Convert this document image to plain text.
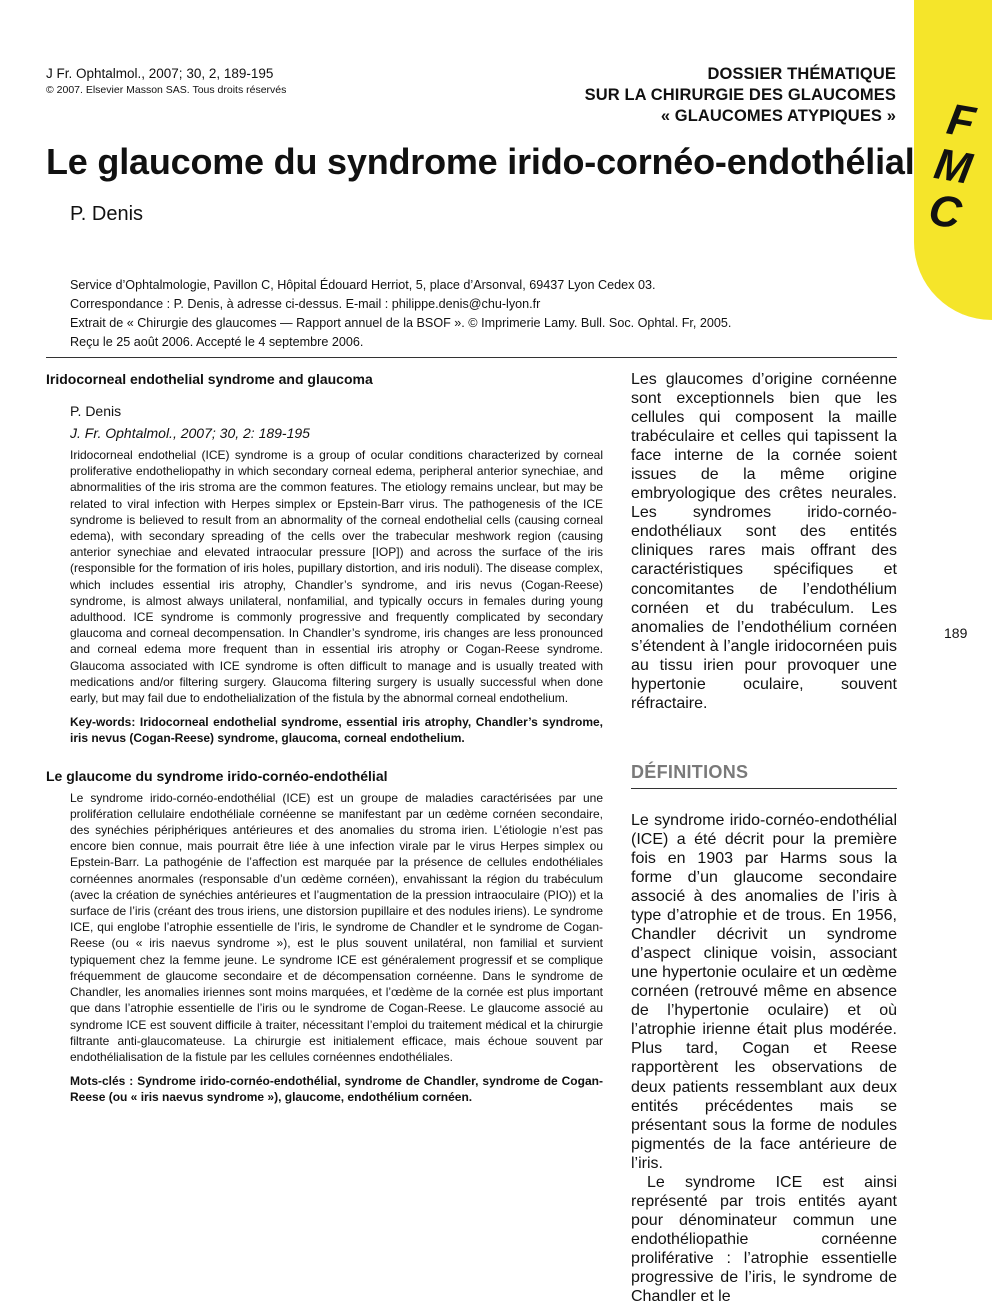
J Fr. Ophtalmol., 2007; 30, 2, 189-195
© 2007. Elsevier Masson SAS. Tous droits réservés
DOSSIER THÉMATIQUE
SUR LA CHIRURGIE DES GLAUCOMES
« GLAUCOMES ATYPIQUES » F
M
C
Le glaucome du syndrome irido-cornéo-endothélial
P. Denis
Service d’Ophtalmologie, Pavillon C, Hôpital Édouard Herriot, 5, place d’Arsonval, 69437 Lyon Cedex 03.
Correspondance : P. Denis, à adresse ci-dessus. E-mail : philippe.denis@chu-lyon.fr
Extrait de « Chirurgie des glaucomes — Rapport annuel de la BSOF ». © Imprimerie Lamy. Bull. Soc. Ophtal. Fr, 2005.
Reçu le 25 août 2006. Accepté le 4 septembre 2006.
Iridocorneal endothelial syndrome and glaucoma
P. Denis
J. Fr. Ophtalmol., 2007; 30, 2: 189-195
Iridocorneal endothelial (ICE) syndrome is a group of ocular conditions characterized by corneal proliferative endotheliopathy in which secondary corneal edema, peripheral anterior synechiae, and abnormalities of the iris stroma are the common features. The etiology remains unclear, but may be related to viral infection with Herpes simplex or Epstein-Barr virus. The pathogenesis of the ICE syndrome is believed to result from an abnormality of the corneal endothelial cells (causing corneal edema), with secondary spreading of the cells over the trabecular meshwork region (causing anterior synechiae and elevated intraocular pressure [IOP]) and across the surface of the iris (responsible for the formation of iris holes, pupillary distortion, and iris noduli). The disease complex, which includes essential iris atrophy, Chandler’s syndrome, and iris nevus (Cogan-Reese) syndrome, is almost always unilateral, nonfamilial, and typically occurs in females during young adulthood. ICE syndrome is commonly progressive and frequently complicated by secondary glaucoma and corneal decompensation. In Chandler’s syndrome, iris changes are less pronounced and corneal edema more frequent than in essential iris atrophy or Cogan-Reese syndrome. Glaucoma associated with ICE syndrome is often difficult to manage and is usually treated with medications and/or filtering surgery. Glaucoma filtering surgery is usually successful when done early, but may fail due to endothelialization of the fistula by the abnormal corneal endothelium.
Key-words: Iridocorneal endothelial syndrome, essential iris atrophy, Chandler’s syndrome, iris nevus (Cogan-Reese) syndrome, glaucoma, corneal endothelium.
Le glaucome du syndrome irido-cornéo-endothélial
Le syndrome irido-cornéo-endothélial (ICE) est un groupe de maladies caractérisées par une prolifération cellulaire endothéliale cornéenne se manifestant par un œdème cornéen secondaire, des synéchies périphériques antérieures et des anomalies du stroma irien. L’étiologie n’est pas encore bien connue, mais pourrait être liée à une infection virale par le virus Herpes simplex ou Epstein-Barr. La pathogénie de l’affection est marquée par la présence de cellules endothéliales cornéennes anormales (responsable d’un œdème cornéen), envahissant la région du trabéculum (avec la création de synéchies antérieures et l’augmentation de la pression intraoculaire (PIO)) et la surface de l’iris (créant des trous iriens, une distorsion pupillaire et des nodules iriens). Le syndrome ICE, qui englobe l’atrophie essentielle de l’iris, le syndrome de Chandler et le syndrome de Cogan-Reese (ou « iris naevus syndrome »), est le plus souvent unilatéral, non familial et survient typiquement chez la femme jeune. Le syndrome ICE est généralement progressif et se complique fréquemment de glaucome secondaire et de décompensation cornéenne. Dans le syndrome de Chandler, les anomalies iriennes sont moins marquées, et l’œdème de la cornée est plus important que dans l’atrophie essentielle de l’iris ou le syndrome de Cogan-Reese. Le glaucome associé au syndrome ICE est souvent difficile à traiter, nécessitant l’emploi du traitement médical et la chirurgie filtrante anti-glaucomateuse. La chirurgie est initialement efficace, mais échoue souvent par endothélialisation de la fistule par les cellules cornéennes endothéliales.
Mots-clés : Syndrome irido-cornéo-endothélial, syndrome de Chandler, syndrome de Cogan-Reese (ou « iris naevus syndrome »), glaucome, endothélium cornéen.

Les glaucomes d’origine cornéenne sont exceptionnels bien que les cellules qui composent la maille trabéculaire et celles qui tapissent la face interne de la cornée soient issues de la même origine embryologique des crêtes neurales. Les syndromes irido-cornéo-endothéliaux sont des entités cliniques rares mais offrant des caractéristiques spécifiques et concomitantes de l’endothélium cornéen et du trabéculum. Les anomalies de l’endothélium cornéen s’étendent à l’angle iridocornéen puis au tissu irien pour provoquer une hypertonie oculaire, souvent réfractaire.

DÉFINITIONS

Le syndrome irido-cornéo-endothélial (ICE) a été décrit pour la première fois en 1903 par Harms sous la forme d’un glaucome secondaire associé à des anomalies de l’iris à type d’atrophie et de trous. En 1956, Chandler décrivit un syndrome d’aspect clinique voisin, associant une hypertonie oculaire et un œdème cornéen (retrouvé même en absence de l’hypertonie oculaire) et où l’atrophie irienne était plus modérée. Plus tard, Cogan et Reese rapportèrent les observations de deux patients ressemblant aux deux entités précédentes mais se présentant sous la forme de nodules pigmentés de la face antérieure de l’iris.

Le syndrome ICE est ainsi représenté par trois entités ayant pour dénominateur commun une endothéliopathie cornéenne proliférative : l’atrophie essentielle progressive de l’iris, le syndrome de Chandler et le

189
